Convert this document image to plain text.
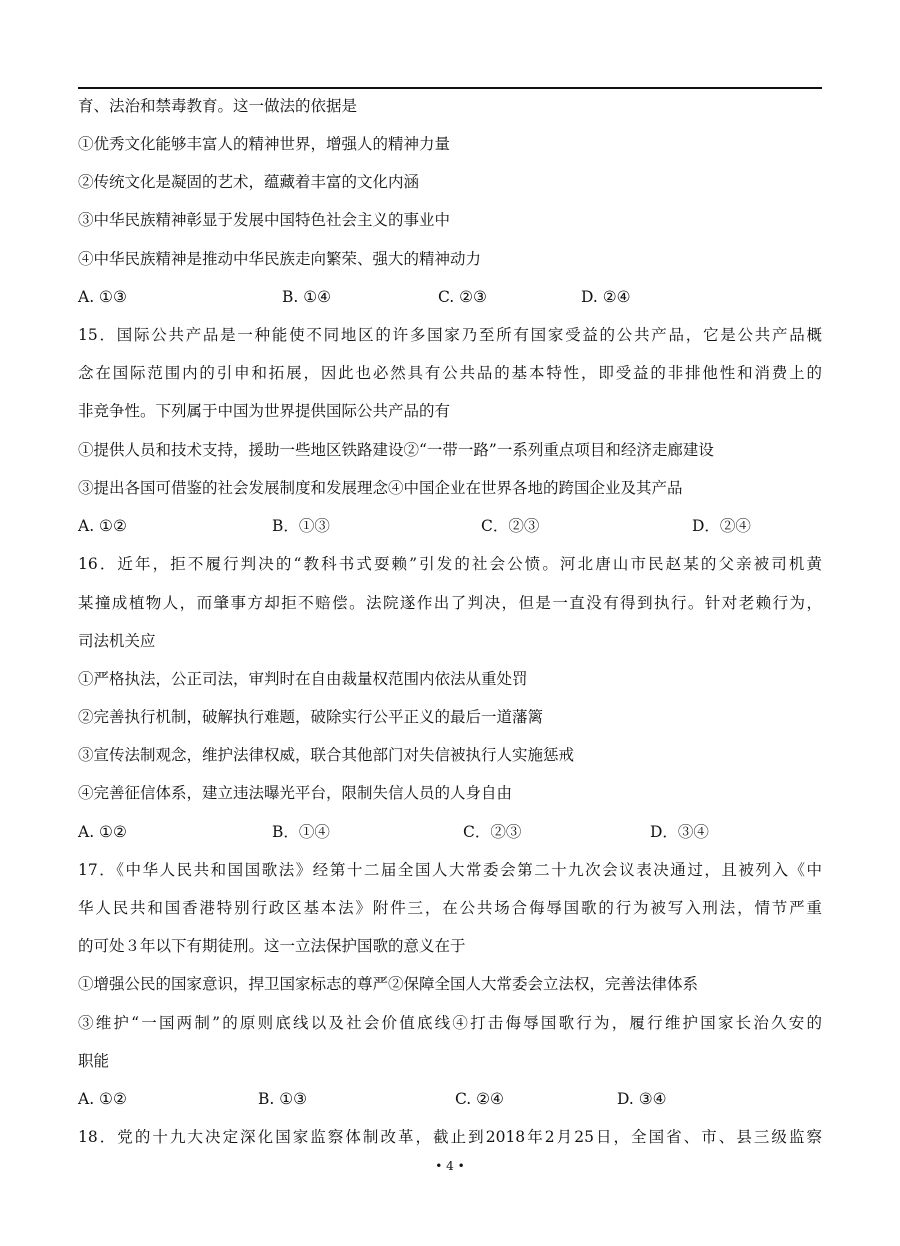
育、法治和禁毒教育。这一做法的依据是
①优秀文化能够丰富人的精神世界，增强人的精神力量
②传统文化是凝固的艺术，蕴藏着丰富的文化内涵
③中华民族精神彰显于发展中国特色社会主义的事业中
④中华民族精神是推动中华民族走向繁荣、强大的精神动力
A. ①③	B. ①④	C. ②③	D. ②④
15．国际公共产品是一种能使不同地区的许多国家乃至所有国家受益的公共产品，它是公共产品概
念在国际范围内的引申和拓展，因此也必然具有公共品的基本特性，即受益的非排他性和消费上的
非竞争性。下列属于中国为世界提供国际公共产品的有
①提供人员和技术支持，援助一些地区铁路建设②“一带一路”一系列重点项目和经济走廊建设
③提出各国可借鉴的社会发展制度和发展理念④中国企业在世界各地的跨国企业及其产品
A. ①②	B．①③	C．②③	D．②④
16．近年，拒不履行判决的“教科书式耍赖”引发的社会公愤。河北唐山市民赵某的父亲被司机黄
某撞成植物人，而肇事方却拒不赔偿。法院遂作出了判决，但是一直没有得到执行。针对老赖行为，
司法机关应
①严格执法，公正司法，审判时在自由裁量权范围内依法从重处罚
②完善执行机制，破解执行难题，破除实行公平正义的最后一道藩篱
③宣传法制观念，维护法律权威，联合其他部门对失信被执行人实施惩戒
④完善征信体系，建立违法曝光平台，限制失信人员的人身自由
A. ①②	B．①④	C．②③	D．③④
17．《中华人民共和国国歌法》经第十二届全国人大常委会第二十九次会议表决通过，且被列入《中
华人民共和国香港特别行政区基本法》附件三，在公共场合侮辱国歌的行为被写入刑法，情节严重
的可处３年以下有期徒刑。这一立法保护国歌的意义在于
①增强公民的国家意识，捍卫国家标志的尊严②保障全国人大常委会立法权，完善法律体系
③维护“一国两制”的原则底线以及社会价值底线④打击侮辱国歌行为，履行维护国家长治久安的
职能
A. ①②	B. ①③	C. ②④	D. ③④
18．党的十九大决定深化国家监察体制改革，截止到2018年2月25日，全国省、市、县三级监察
• 4 •
